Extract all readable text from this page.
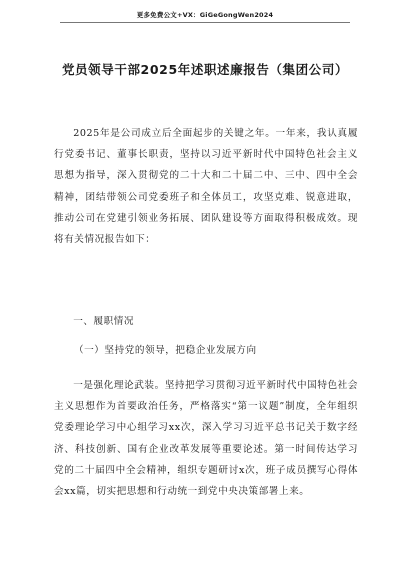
更多免费公文+VX：GiGeGongWen2024
党员领导干部2025年述职述廉报告（集团公司）
2025年是公司成立后全面起步的关键之年。一年来，我认真履行党委书记、董事长职责，坚持以习近平新时代中国特色社会主义思想为指导，深入贯彻党的二十大和二十届二中、三中、四中全会精神，团结带领公司党委班子和全体员工，攻坚克难、锐意进取，推动公司在党建引领业务拓展、团队建设等方面取得积极成效。现将有关情况报告如下：
一、履职情况
（一）坚持党的领导，把稳企业发展方向
一是强化理论武装。坚持把学习贯彻习近平新时代中国特色社会主义思想作为首要政治任务，严格落实“第一议题”制度，全年组织党委理论学习中心组学习xx次，深入学习习近平总书记关于数字经济、科技创新、国有企业改革发展等重要论述。第一时间传达学习党的二十届四中全会精神，组织专题研讨x次，班子成员撰写心得体会xx篇，切实把思想和行动统一到党中央决策部署上来。
